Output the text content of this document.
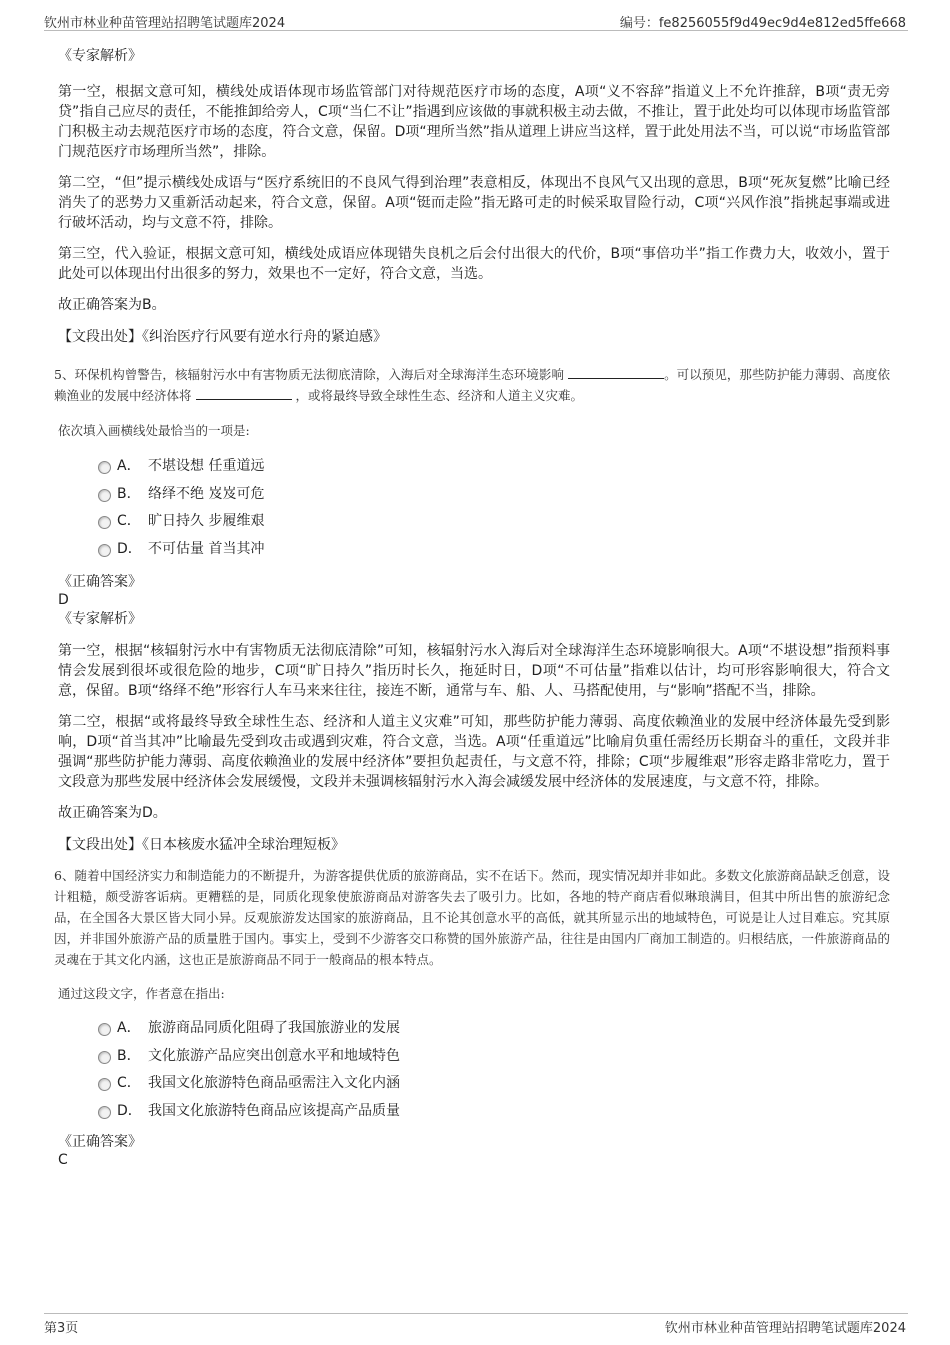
钦州市林业种苗管理站招聘笔试题库2024	编号：fe8256055f9d49ec9d4e812ed5ffe668

《专家解析》

第一空，根据文意可知，横线处成语体现市场监管部门对待规范医疗市场的态度，A项“义不容辞”指道义上不允许推辞，B项“责无旁贷”指自己应尽的责任，不能推卸给旁人，C项“当仁不让”指遇到应该做的事就积极主动去做，不推让，置于此处均可以体现市场监管部门积极主动去规范医疗市场的态度，符合文意，保留。D项“理所当然”指从道理上讲应当这样，置于此处用法不当，可以说“市场监管部门规范医疗市场理所当然”，排除。

第二空，“但”提示横线处成语与“医疗系统旧的不良风气得到治理”表意相反，体现出不良风气又出现的意思，B项“死灰复燃”比喻已经消失了的恶势力又重新活动起来，符合文意，保留。A项“铤而走险”指无路可走的时候采取冒险行动，C项“兴风作浪”指挑起事端或进行破坏活动，均与文意不符，排除。

第三空，代入验证，根据文意可知，横线处成语应体现错失良机之后会付出很大的代价，B项“事倍功半”指工作费力大，收效小，置于此处可以体现出付出很多的努力，效果也不一定好，符合文意，当选。

故正确答案为B。

【文段出处】《纠治医疗行风要有逆水行舟的紧迫感》

5、环保机构曾警告，核辐射污水中有害物质无法彻底清除，入海后对全球海洋生态环境影响	。可以预见，那些防护能力薄弱、高度依赖渔业的发展中经济体将	，或将最终导致全球性生态、经济和人道主义灾难。

依次填入画横线处最恰当的一项是:

A． 不堪设想 任重道远
B． 络绎不绝 岌岌可危
C． 旷日持久 步履维艰
D． 不可估量 首当其冲

《正确答案》

D

《专家解析》

第一空，根据“核辐射污水中有害物质无法彻底清除”可知，核辐射污水入海后对全球海洋生态环境影响很大。A项“不堪设想”指预料事情会发展到很坏或很危险的地步，C项“旷日持久”指历时长久，拖延时日，D项“不可估量”指难以估计，均可形容影响很大，符合文意，保留。B项“络绎不绝”形容行人车马来来往往，接连不断，通常与车、船、人、马搭配使用，与“影响”搭配不当，排除。

第二空，根据“或将最终导致全球性生态、经济和人道主义灾难”可知，那些防护能力薄弱、高度依赖渔业的发展中经济体最先受到影响，D项“首当其冲”比喻最先受到攻击或遇到灾难，符合文意，当选。A项“任重道远”比喻肩负重任需经历长期奋斗的重任，文段并非强调“那些防护能力薄弱、高度依赖渔业的发展中经济体”要担负起责任，与文意不符，排除；C项“步履维艰”形容走路非常吃力，置于文段意为那些发展中经济体会发展缓慢，文段并未强调核辐射污水入海会减缓发展中经济体的发展速度，与文意不符，排除。

故正确答案为D。

【文段出处】《日本核废水猛冲全球治理短板》

6、随着中国经济实力和制造能力的不断提升，为游客提供优质的旅游商品，实不在话下。然而，现实情况却并非如此。多数文化旅游商品缺乏创意，设计粗糙，颇受游客诟病。更糟糕的是，同质化现象使旅游商品对游客失去了吸引力。比如，各地的特产商店看似琳琅满目，但其中所出售的旅游纪念品，在全国各大景区皆大同小异。反观旅游发达国家的旅游商品，且不论其创意水平的高低，就其所显示出的地域特色，可说是让人过目难忘。究其原因，并非国外旅游产品的质量胜于国内。事实上，受到不少游客交口称赞的国外旅游产品，往往是由国内厂商加工制造的。归根结底，一件旅游商品的灵魂在于其文化内涵，这也正是旅游商品不同于一般商品的根本特点。

通过这段文字，作者意在指出:

A． 旅游商品同质化阻碍了我国旅游业的发展
B． 文化旅游产品应突出创意水平和地域特色
C． 我国文化旅游特色商品亟需注入文化内涵
D． 我国文化旅游特色商品应该提高产品质量

《正确答案》

C

第3页	钦州市林业种苗管理站招聘笔试题库2024
